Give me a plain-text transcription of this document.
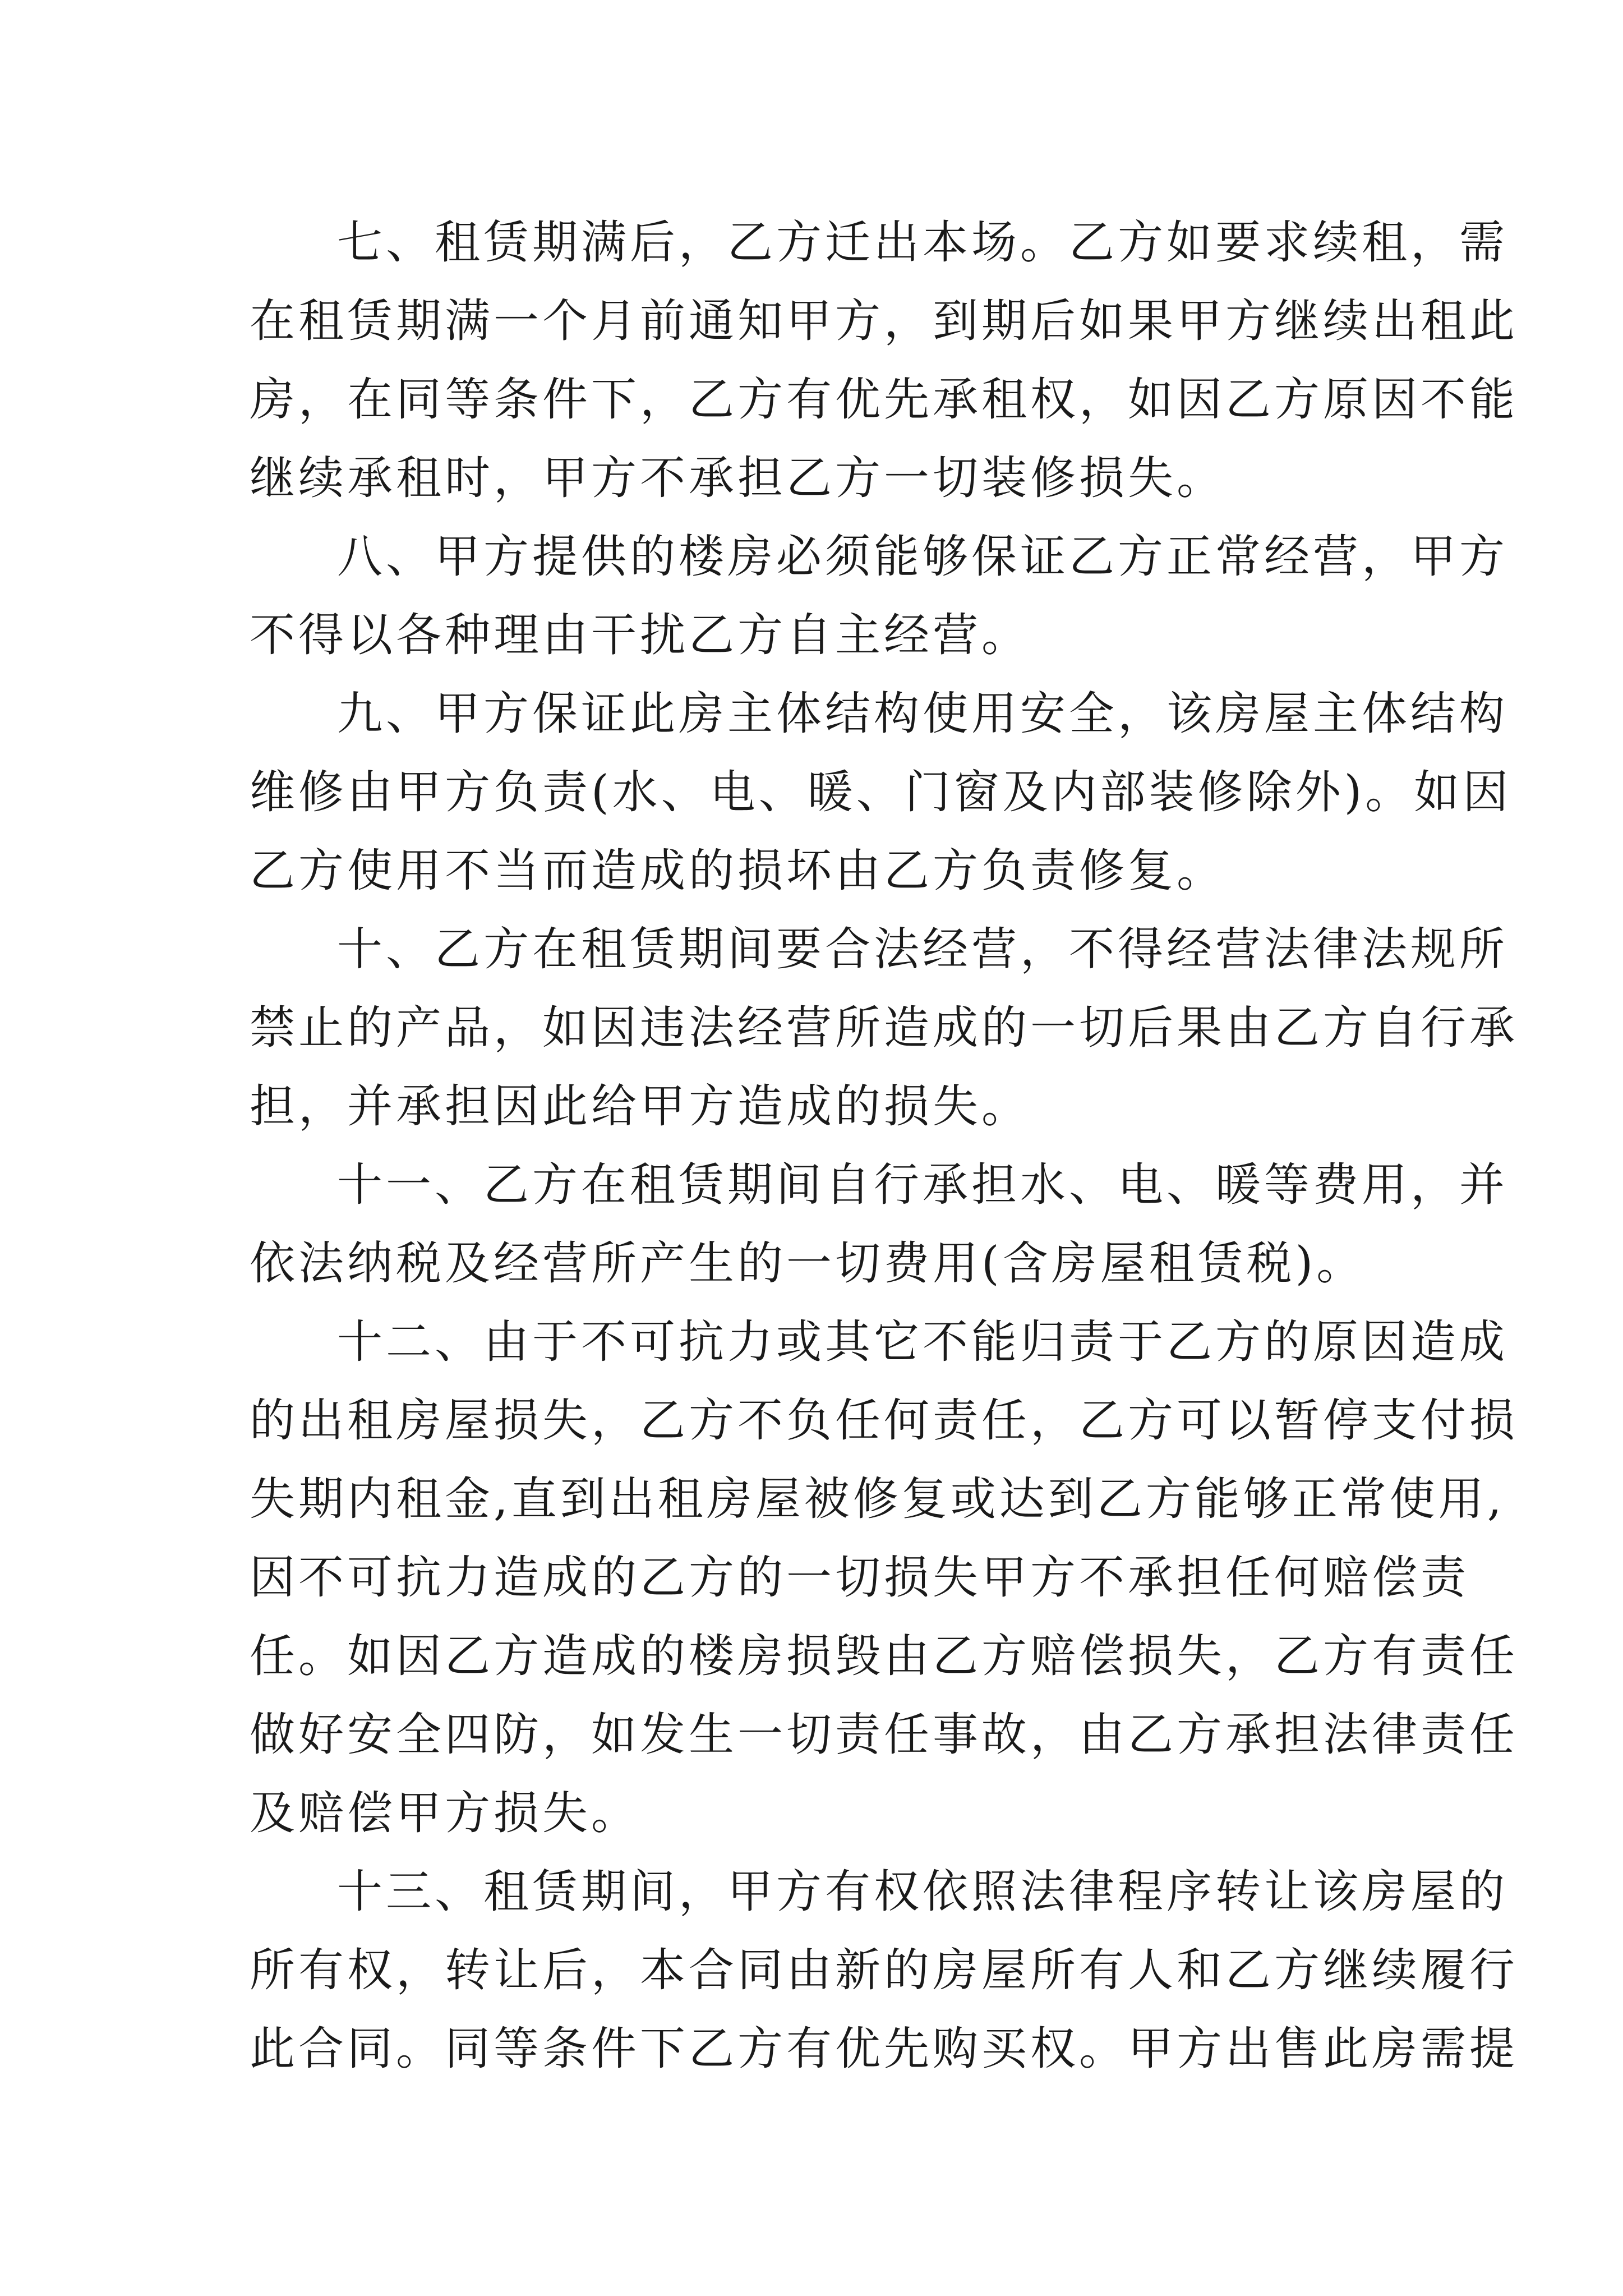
七、租赁期满后，乙方迁出本场。乙方如要求续租，需
在租赁期满一个月前通知甲方，到期后如果甲方继续出租此
房，在同等条件下，乙方有优先承租权，如因乙方原因不能
继续承租时，甲方不承担乙方一切装修损失。
八、甲方提供的楼房必须能够保证乙方正常经营，甲方
不得以各种理由干扰乙方自主经营。
九、甲方保证此房主体结构使用安全，该房屋主体结构
维修由甲方负责(水、电、暖、门窗及内部装修除外)。如因
乙方使用不当而造成的损坏由乙方负责修复。
十、乙方在租赁期间要合法经营，不得经营法律法规所
禁止的产品，如因违法经营所造成的一切后果由乙方自行承
担，并承担因此给甲方造成的损失。
十一、乙方在租赁期间自行承担水、电、暖等费用，并
依法纳税及经营所产生的一切费用(含房屋租赁税)。
十二、由于不可抗力或其它不能归责于乙方的原因造成
的出租房屋损失，乙方不负任何责任，乙方可以暂停支付损
失期内租金,直到出租房屋被修复或达到乙方能够正常使用,
因不可抗力造成的乙方的一切损失甲方不承担任何赔偿责
任。如因乙方造成的楼房损毁由乙方赔偿损失，乙方有责任
做好安全四防，如发生一切责任事故，由乙方承担法律责任
及赔偿甲方损失。
十三、租赁期间，甲方有权依照法律程序转让该房屋的
所有权，转让后，本合同由新的房屋所有人和乙方继续履行
此合同。同等条件下乙方有优先购买权。甲方出售此房需提
